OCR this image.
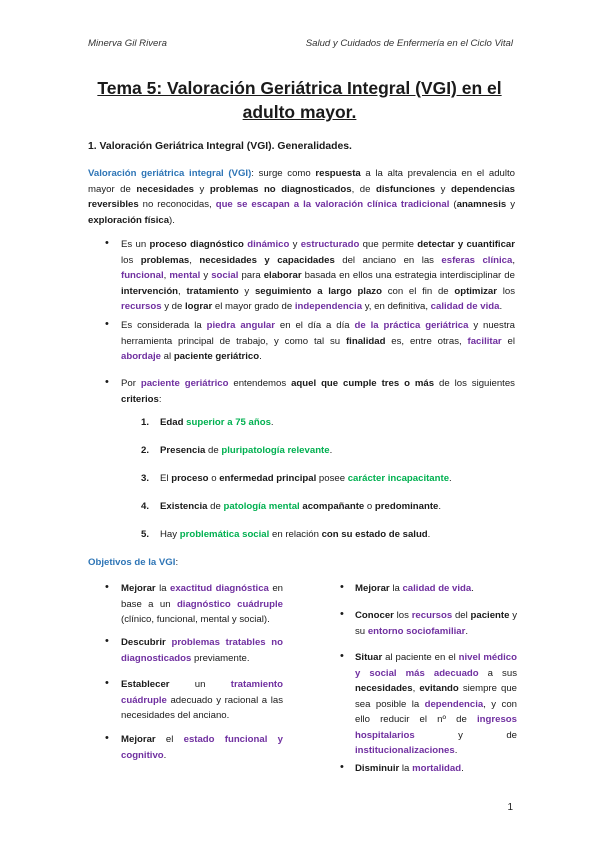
Minerva Gil Rivera	Salud y Cuidados de Enfermería en el Ciclo Vital
Tema 5: Valoración Geriátrica Integral (VGI) en el
adulto mayor.
1. Valoración Geriátrica Integral (VGI). Generalidades.
Valoración geriátrica integral (VGI): surge como respuesta a la alta prevalencia en el adulto mayor de necesidades y problemas no diagnosticados, de disfunciones y dependencias reversibles no reconocidas, que se escapan a la valoración clínica tradicional (anamnesis y exploración física).
• Es un proceso diagnóstico dinámico y estructurado que permite detectar y cuantificar los problemas, necesidades y capacidades del anciano en las esferas clínica, funcional, mental y social para elaborar basada en ellos una estrategia interdisciplinar de intervención, tratamiento y seguimiento a largo plazo con el fin de optimizar los recursos y de lograr el mayor grado de independencia y, en definitiva, calidad de vida.
• Es considerada la piedra angular en el día a día de la práctica geriátrica y nuestra herramienta principal de trabajo, y como tal su finalidad es, entre otras, facilitar el abordaje al paciente geriátrico.
• Por paciente geriátrico entendemos aquel que cumple tres o más de los siguientes criterios:
1. Edad superior a 75 años.
2. Presencia de pluripatología relevante.
3. El proceso o enfermedad principal posee carácter incapacitante.
4. Existencia de patología mental acompañante o predominante.
5. Hay problemática social en relación con su estado de salud.
Objetivos de la VGI:
• Mejorar la exactitud diagnóstica en base a un diagnóstico cuádruple (clínico, funcional, mental y social).
• Descubrir problemas tratables no diagnosticados previamente.
• Establecer un tratamiento cuádruple adecuado y racional a las necesidades del anciano.
• Mejorar el estado funcional y cognitivo.
• Mejorar la calidad de vida.
• Conocer los recursos del paciente y su entorno sociofamiliar.
• Situar al paciente en el nivel médico y social más adecuado a sus necesidades, evitando siempre que sea posible la dependencia, y con ello reducir el nº de ingresos hospitalarios y de institucionalizaciones.
• Disminuir la mortalidad.
1
